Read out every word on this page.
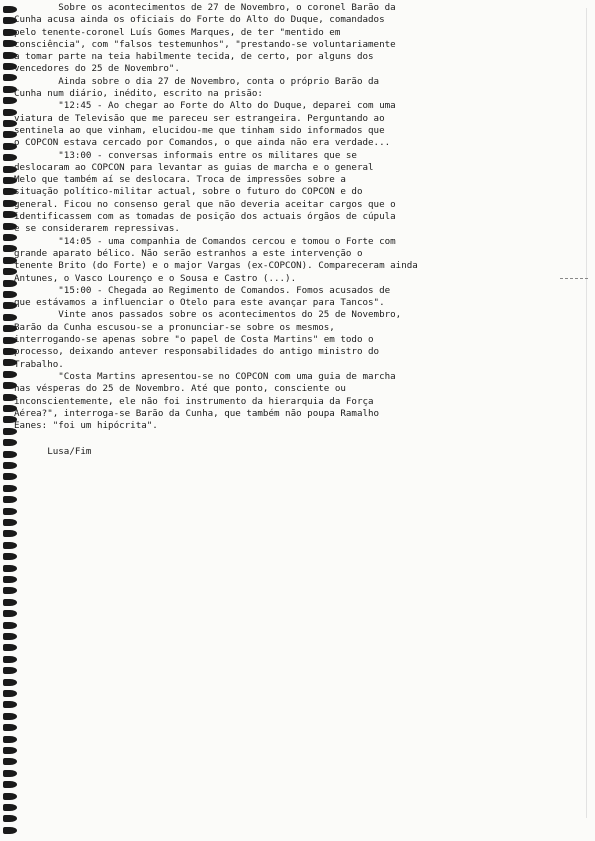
Sobre os acontecimentos de 27 de Novembro, o coronel Barão da
Cunha acusa ainda os oficiais do Forte do Alto do Duque, comandados
pelo tenente-coronel Luís Gomes Marques, de ter "mentido em
consciência", com "falsos testemunhos", "prestando-se voluntariamente
a tomar parte na teia habilmente tecida, de certo, por alguns dos
vencedores do 25 de Novembro".
Ainda sobre o dia 27 de Novembro, conta o próprio Barão da
Cunha num diário, inédito, escrito na prisão:
"12:45 - Ao chegar ao Forte do Alto do Duque, deparei com uma
viatura de Televisão que me pareceu ser estrangeira. Perguntando ao
sentinela ao que vinham, elucidou-me que tinham sido informados que
o COPCON estava cercado por Comandos, o que ainda não era verdade...
"13:00 - conversas informais entre os militares que se
deslocaram ao COPCON para levantar as guias de marcha e o general
Melo que também aí se deslocara. Troca de impressões sobre a
situação político-militar actual, sobre o futuro do COPCON e do
general. Ficou no consenso geral que não deveria aceitar cargos que o
identificassem com as tomadas de posição dos actuais órgãos de cúpula
e se considerarem repressivas.
"14:05 - uma companhia de Comandos cercou e tomou o Forte com
grande aparato bélico. Não serão estranhos a este intervenção o
tenente Brito (do Forte) e o major Vargas (ex-COPCON). Compareceram ainda
Antunes, o Vasco Lourenço e o Sousa e Castro (...).
"15:00 - Chegada ao Regimento de Comandos. Fomos acusados de
que estávamos a influenciar o Otelo para este avançar para Tancos".
Vinte anos passados sobre os acontecimentos do 25 de Novembro,
Barão da Cunha escusou-se a pronunciar-se sobre os mesmos,
interrogando-se apenas sobre "o papel de Costa Martins" em todo o
processo, deixando antever responsabilidades do antigo ministro do
Trabalho.
"Costa Martins apresentou-se no COPCON com uma guia de marcha
nas vésperas do 25 de Novembro. Até que ponto, consciente ou
inconscientemente, ele não foi instrumento da hierarquia da Força
Aérea?", interroga-se Barão da Cunha, que também não poupa Ramalho
Eanes: "foi um hipócrita".
Lusa/Fim
